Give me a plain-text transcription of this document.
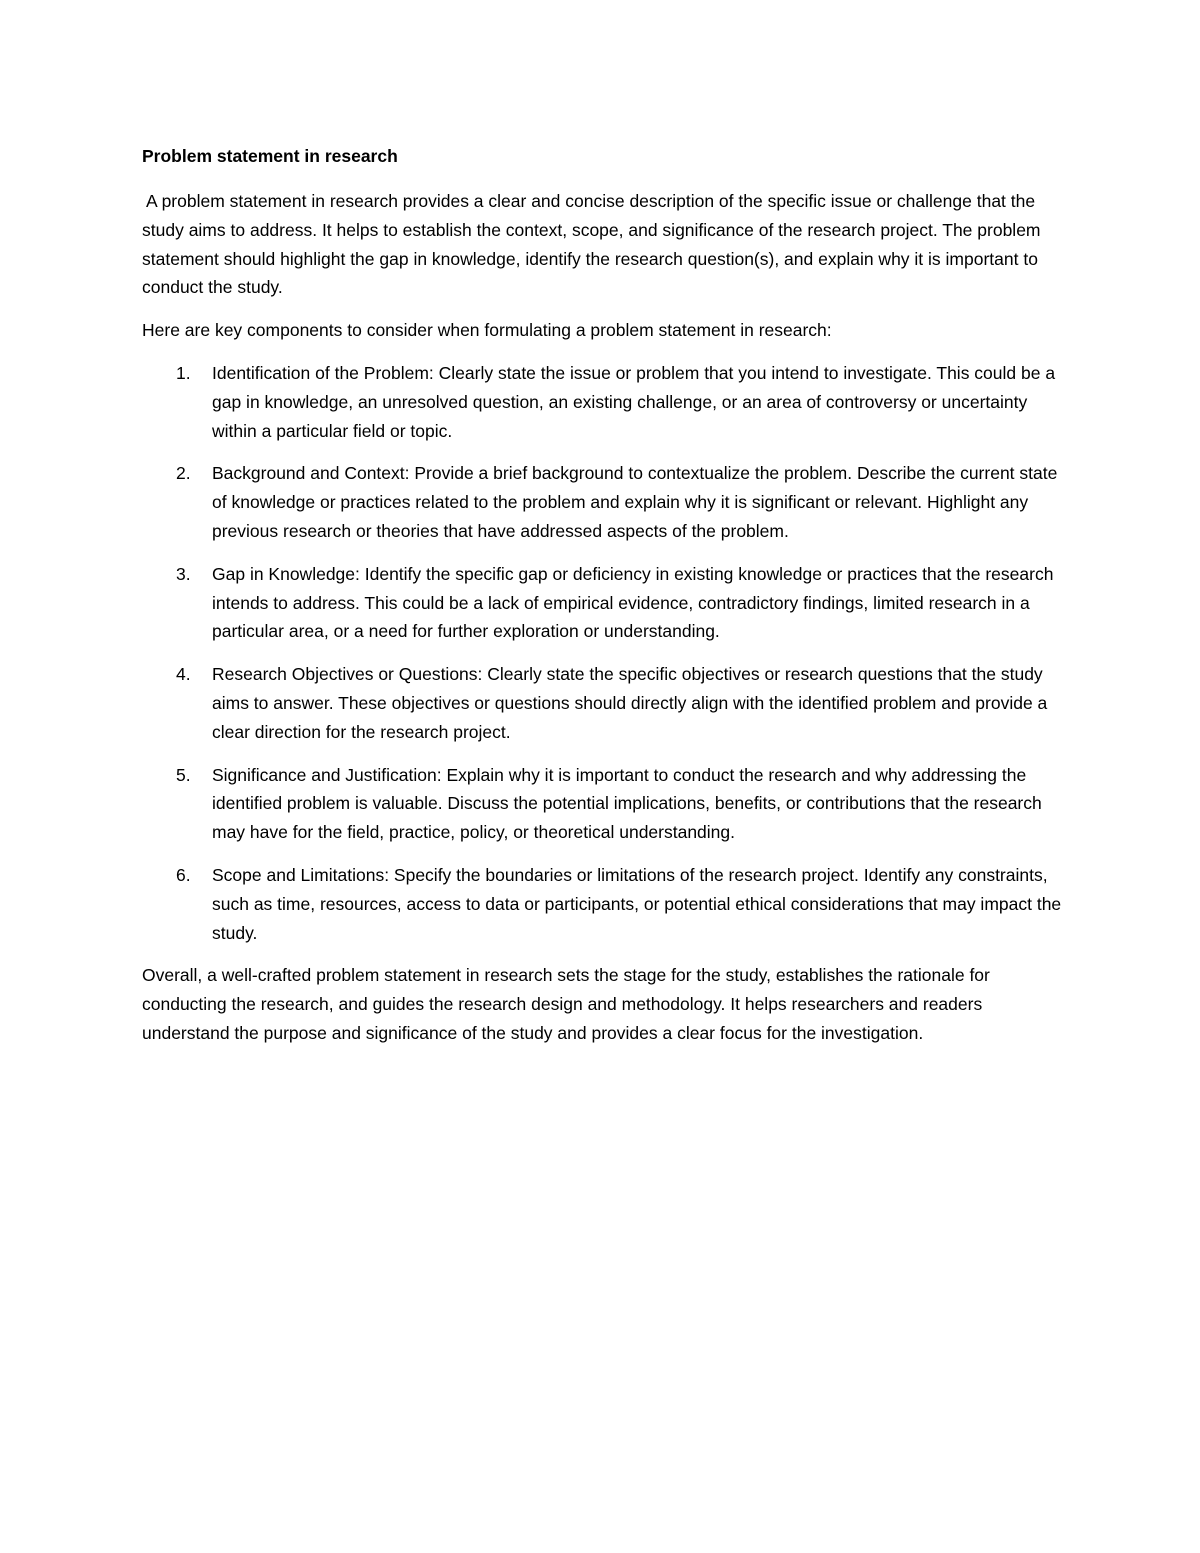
Problem statement in research

A problem statement in research provides a clear and concise description of the specific issue or challenge that the study aims to address. It helps to establish the context, scope, and significance of the research project. The problem statement should highlight the gap in knowledge, identify the research question(s), and explain why it is important to conduct the study.

Here are key components to consider when formulating a problem statement in research:

1. Identification of the Problem: Clearly state the issue or problem that you intend to investigate. This could be a gap in knowledge, an unresolved question, an existing challenge, or an area of controversy or uncertainty within a particular field or topic.
2. Background and Context: Provide a brief background to contextualize the problem. Describe the current state of knowledge or practices related to the problem and explain why it is significant or relevant. Highlight any previous research or theories that have addressed aspects of the problem.
3. Gap in Knowledge: Identify the specific gap or deficiency in existing knowledge or practices that the research intends to address. This could be a lack of empirical evidence, contradictory findings, limited research in a particular area, or a need for further exploration or understanding.
4. Research Objectives or Questions: Clearly state the specific objectives or research questions that the study aims to answer. These objectives or questions should directly align with the identified problem and provide a clear direction for the research project.
5. Significance and Justification: Explain why it is important to conduct the research and why addressing the identified problem is valuable. Discuss the potential implications, benefits, or contributions that the research may have for the field, practice, policy, or theoretical understanding.
6. Scope and Limitations: Specify the boundaries or limitations of the research project. Identify any constraints, such as time, resources, access to data or participants, or potential ethical considerations that may impact the study.

Overall, a well-crafted problem statement in research sets the stage for the study, establishes the rationale for conducting the research, and guides the research design and methodology. It helps researchers and readers understand the purpose and significance of the study and provides a clear focus for the investigation.
